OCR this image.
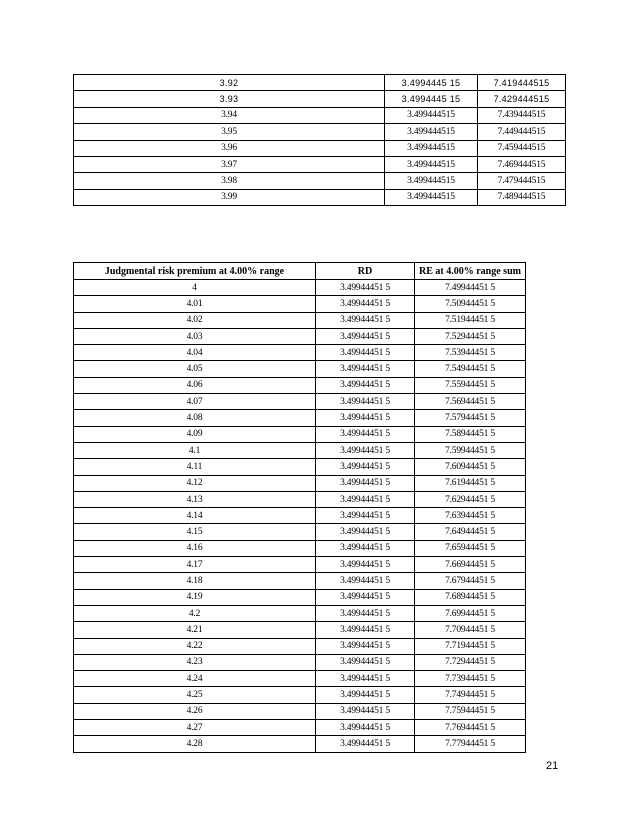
3.92	3.4994445 15	7.419444515
3.93	3.4994445 15	7.429444515
3.94	3.499444515	7.439444515
3.95	3.499444515	7.449444515
3.96	3.499444515	7.459444515
3.97	3.499444515	7.469444515
3.98	3.499444515	7.479444515
3.99	3.499444515	7.489444515
Judgmental risk premium at 4.00% range	RD	RE at 4.00% range sum
4	3.49944451 5	7.49944451 5
4.01	3.49944451 5	7.50944451 5
4.02	3.49944451 5	7.51944451 5
4.03	3.49944451 5	7.52944451 5
4.04	3.49944451 5	7.53944451 5
4.05	3.49944451 5	7.54944451 5
4.06	3.49944451 5	7.55944451 5
4.07	3.49944451 5	7.56944451 5
4.08	3.49944451 5	7.57944451 5
4.09	3.49944451 5	7.58944451 5
4.1	3.49944451 5	7.59944451 5
4.11	3.49944451 5	7.60944451 5
4.12	3.49944451 5	7.61944451 5
4.13	3.49944451 5	7.62944451 5
4.14	3.49944451 5	7.63944451 5
4.15	3.49944451 5	7.64944451 5
4.16	3.49944451 5	7.65944451 5
4.17	3.49944451 5	7.66944451 5
4.18	3.49944451 5	7.67944451 5
4.19	3.49944451 5	7.68944451 5
4.2	3.49944451 5	7.69944451 5
4.21	3.49944451 5	7.70944451 5
4.22	3.49944451 5	7.71944451 5
4.23	3.49944451 5	7.72944451 5
4.24	3.49944451 5	7.73944451 5
4.25	3.49944451 5	7.74944451 5
4.26	3.49944451 5	7.75944451 5
4.27	3.49944451 5	7.76944451 5
4.28	3.49944451 5	7.77944451 5
21
